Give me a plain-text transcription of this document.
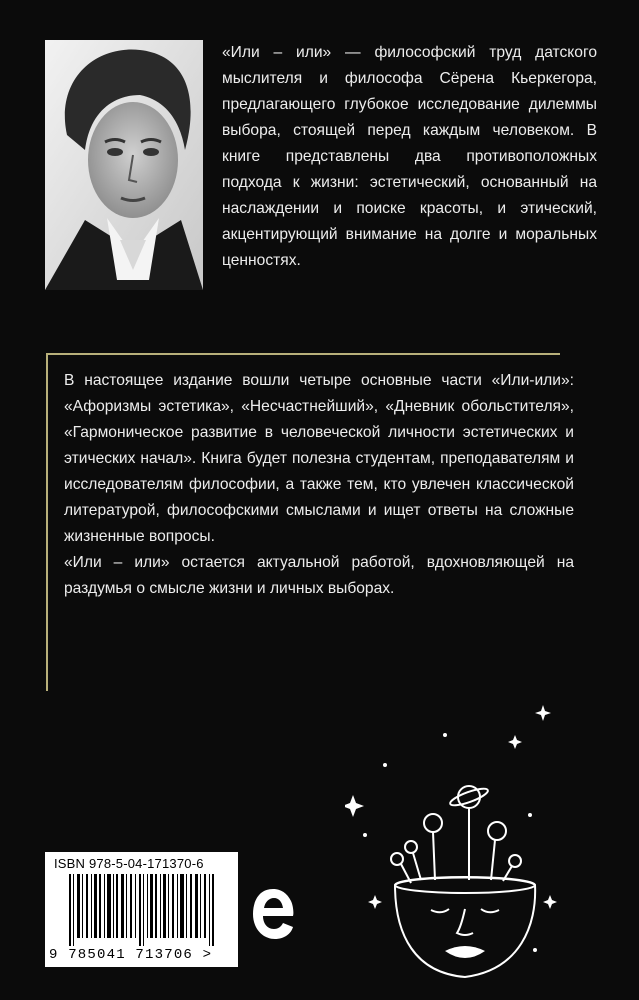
«Или – или» — философский труд датского мыслителя и философа Сёрена Кьеркегора, предлагающего глубокое исследование дилеммы выбора, стоящей перед каждым человеком. В книге представлены два противоположных подхода к жизни: эстетический, основанный на наслаждении и поиске красоты, и этический, акцентирующий внимание на долге и моральных ценностях.

В настоящее издание вошли четыре основные части «Или-или»: «Афоризмы эстетика», «Несчастнейший», «Дневник обольстителя», «Гармоническое развитие в человеческой личности эстетических и этических начал». Книга будет полезна студентам, преподавателям и исследователям философии, а также тем, кто увлечен классической литературой, философскими смыслами и ищет ответы на сложные жизненные вопросы.

«Или – или» остается актуальной работой, вдохновляющей на раздумья о смысле жизни и личных выборах.

ISBN 978-5-04-171370-6
9 785041 713706 >
